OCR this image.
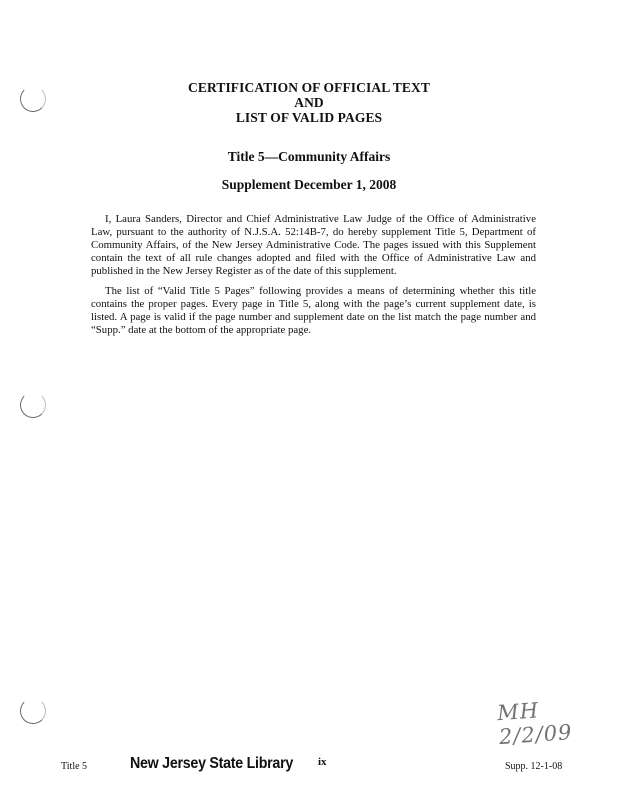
CERTIFICATION OF OFFICIAL TEXT
AND
LIST OF VALID PAGES
Title 5—Community Affairs
Supplement December 1, 2008

I, Laura Sanders, Director and Chief Administrative Law Judge of the Office of Administrative Law, pursuant to the authority of N.J.S.A. 52:14B-7, do hereby supplement Title 5, Department of Community Affairs, of the New Jersey Administrative Code. The pages issued with this Supplement contain the text of all rule changes adopted and filed with the Office of Administrative Law and published in the New Jersey Register as of the date of this supplement.

The list of “Valid Title 5 Pages” following provides a means of determining whether this title contains the proper pages. Every page in Title 5, along with the page’s current supplement date, is listed. A page is valid if the page number and supplement date on the list match the page number and “Supp.” date at the bottom of the appropriate page.

MH 2/2/09
Title 5	New Jersey State Library ix	Supp. 12-1-08
